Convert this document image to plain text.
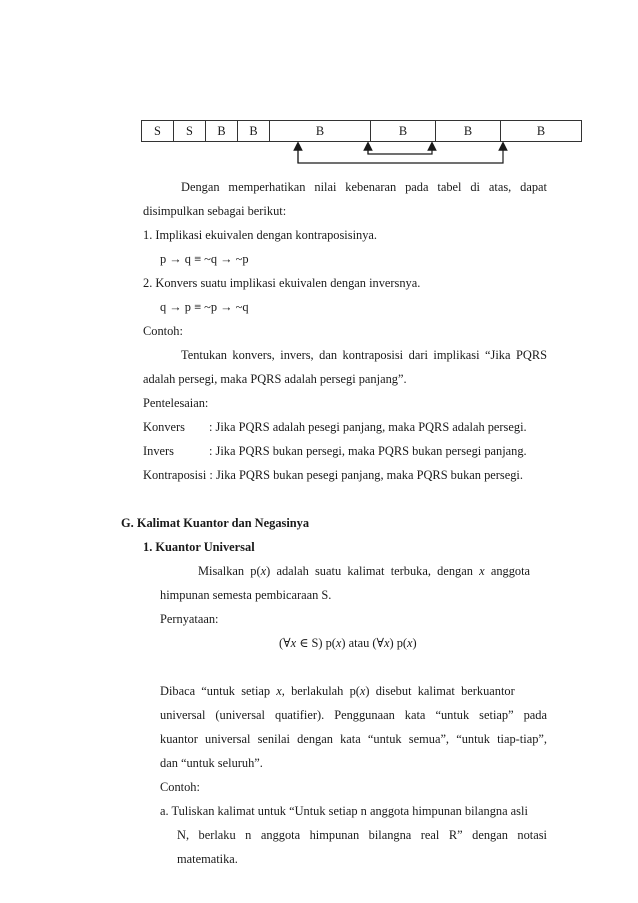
S	S	B	B	B	B	B	B
Dengan memperhatikan nilai kebenaran pada tabel di atas, dapat
disimpulkan sebagai berikut:
1. Implikasi ekuivalen dengan kontraposisinya.
p → q ≡ ~q → ~p
2. Konvers suatu implikasi ekuivalen dengan inversnya.
q → p ≡ ~p → ~q
Contoh:
Tentukan konvers, invers, dan kontraposisi dari implikasi “Jika PQRS
adalah persegi, maka PQRS adalah persegi panjang”.
Pentelesaian:
Konvers : Jika PQRS adalah pesegi panjang, maka PQRS adalah persegi.
Invers	: Jika PQRS bukan persegi, maka PQRS bukan persegi panjang.
Kontraposisi : Jika PQRS bukan pesegi panjang, maka PQRS bukan persegi.
G. Kalimat Kuantor dan Negasinya
1. Kuantor Universal
Misalkan  p(x)  adalah  suatu  kalimat  terbuka,  dengan  x  anggota
himpunan semesta pembicaraan S.
Pernyataan:
(∀x ∈ S) p(x) atau (∀x) p(x)
Dibaca  “untuk  setiap  x,  berlakulah  p(x)  disebut  kalimat  berkuantor
universal (universal quatifier). Penggunaan kata “untuk setiap” pada
kuantor universal senilai dengan kata “untuk semua”, “untuk tiap-tiap”,
dan “untuk seluruh”.
Contoh:
a. Tuliskan kalimat untuk “Untuk setiap n anggota himpunan bilangna asli
N, berlaku n anggota himpunan bilangna real R” dengan notasi
matematika.
